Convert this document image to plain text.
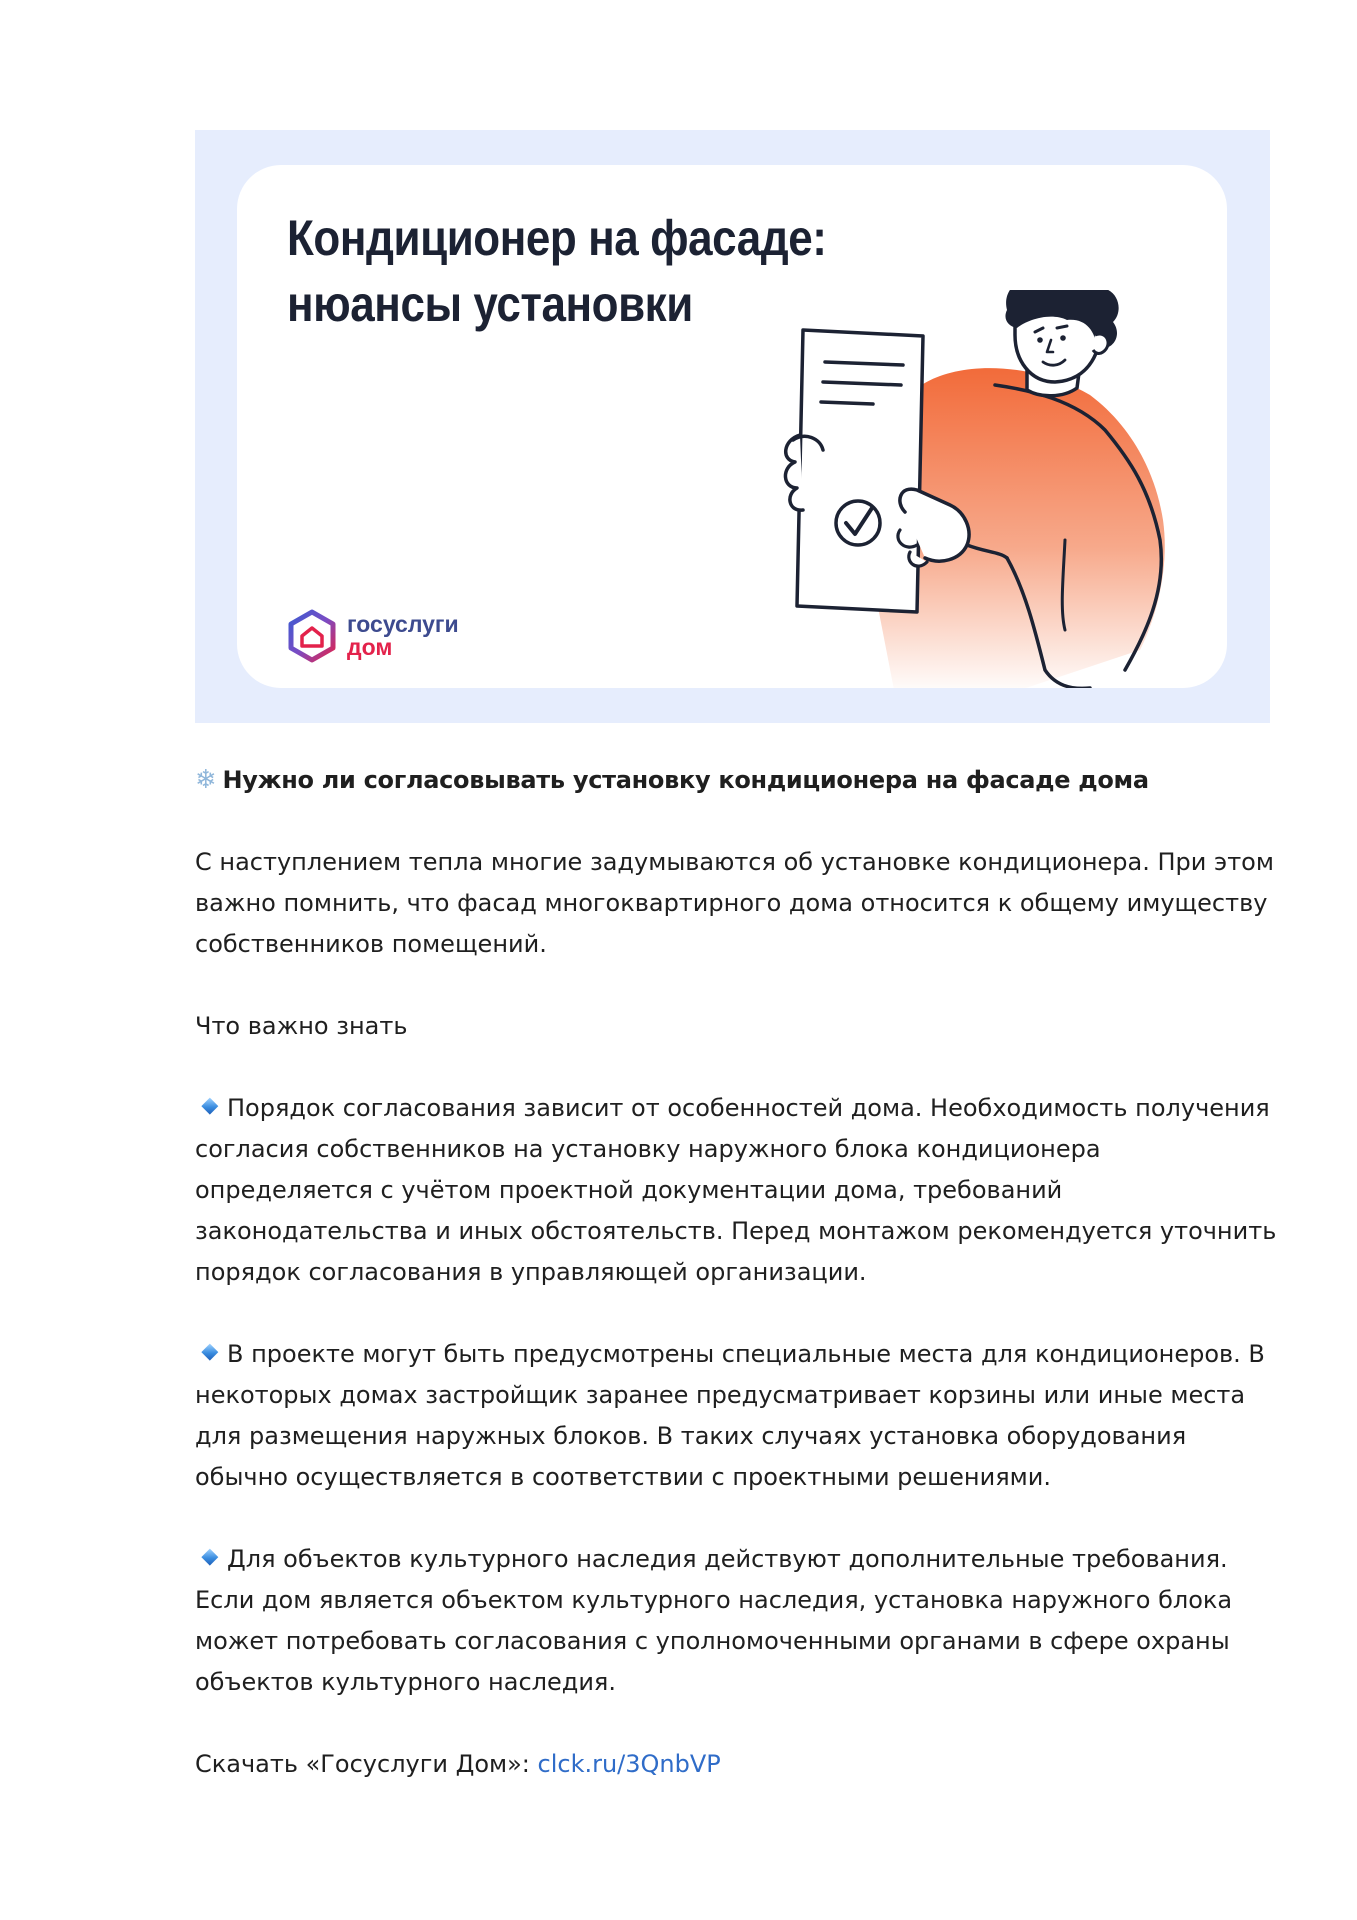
Кондиционер на фасаде:
нюансы установки
госуслуги
дом

❄ Нужно ли согласовывать установку кондиционера на фасаде дома

С наступлением тепла многие задумываются об установке кондиционера. При этом важно помнить, что фасад многоквартирного дома относится к общему имуществу собственников помещений.

Что важно знать

Порядок согласования зависит от особенностей дома. Необходимость получения согласия собственников на установку наружного блока кондиционера определяется с учётом проектной документации дома, требований законодательства и иных обстоятельств. Перед монтажом рекомендуется уточнить порядок согласования в управляющей организации.

В проекте могут быть предусмотрены специальные места для кондиционеров. В некоторых домах застройщик заранее предусматривает корзины или иные места для размещения наружных блоков. В таких случаях установка оборудования обычно осуществляется в соответствии с проектными решениями.

Для объектов культурного наследия действуют дополнительные требования. Если дом является объектом культурного наследия, установка наружного блока может потребовать согласования с уполномоченными органами в сфере охраны объектов культурного наследия.

Скачать «Госуслуги Дом»: clck.ru/3QnbVP
